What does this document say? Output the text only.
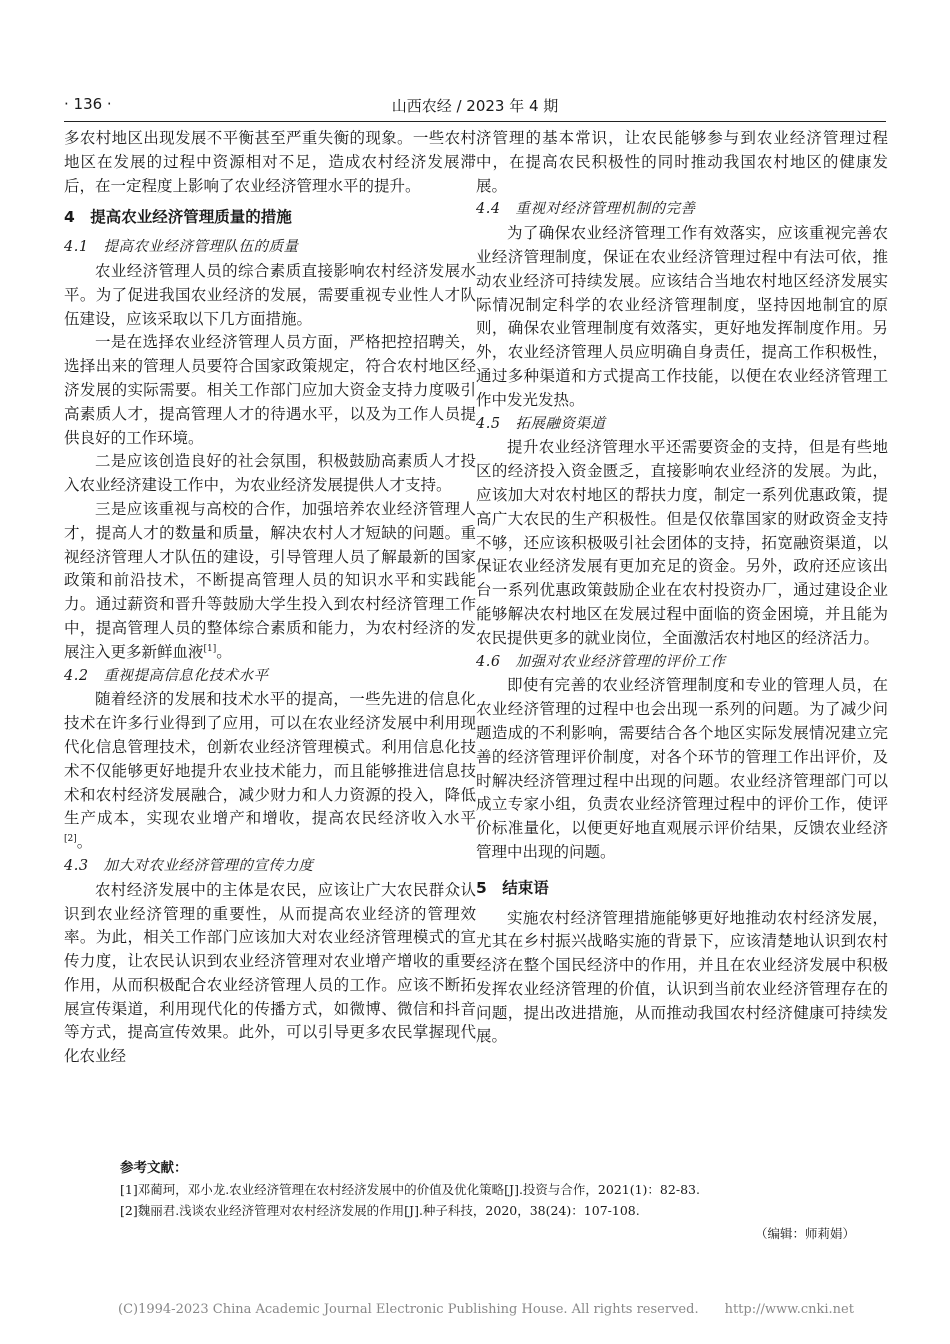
· 136 ·	山西农经 / 2023 年 4 期

多农村地区出现发展不平衡甚至严重失衡的现象。一些农村地区在发展的过程中资源相对不足，造成农村经济发展滞后，在一定程度上影响了农业经济管理水平的提升。

4　提高农业经济管理质量的措施
4.1　提高农业经济管理队伍的质量

农业经济管理人员的综合素质直接影响农村经济发展水平。为了促进我国农业经济的发展，需要重视专业性人才队伍建设，应该采取以下几方面措施。

一是在选择农业经济管理人员方面，严格把控招聘关，选择出来的管理人员要符合国家政策规定，符合农村地区经济发展的实际需要。相关工作部门应加大资金支持力度吸引高素质人才，提高管理人才的待遇水平，以及为工作人员提供良好的工作环境。

二是应该创造良好的社会氛围，积极鼓励高素质人才投入农业经济建设工作中，为农业经济发展提供人才支持。

三是应该重视与高校的合作，加强培养农业经济管理人才，提高人才的数量和质量，解决农村人才短缺的问题。重视经济管理人才队伍的建设，引导管理人员了解最新的国家政策和前沿技术，不断提高管理人员的知识水平和实践能力。通过薪资和晋升等鼓励大学生投入到农村经济管理工作中，提高管理人员的整体综合素质和能力，为农村经济的发展注入更多新鲜血液[1]。

4.2　重视提高信息化技术水平

随着经济的发展和技术水平的提高，一些先进的信息化技术在许多行业得到了应用，可以在农业经济发展中利用现代化信息管理技术，创新农业经济管理模式。利用信息化技术不仅能够更好地提升农业技术能力，而且能够推进信息技术和农村经济发展融合，减少财力和人力资源的投入，降低生产成本，实现农业增产和增收，提高农民经济收入水平[2]。

4.3　加大对农业经济管理的宣传力度

农村经济发展中的主体是农民，应该让广大农民群众认识到农业经济管理的重要性，从而提高农业经济的管理效率。为此，相关工作部门应该加大对农业经济管理模式的宣传力度，让农民认识到农业经济管理对农业增产增收的重要作用，从而积极配合农业经济管理人员的工作。应该不断拓展宣传渠道，利用现代化的传播方式，如微博、微信和抖音等方式，提高宣传效果。此外，可以引导更多农民掌握现代化农业经

济管理的基本常识，让农民能够参与到农业经济管理过程中，在提高农民积极性的同时推动我国农村地区的健康发展。

4.4　重视对经济管理机制的完善

为了确保农业经济管理工作有效落实，应该重视完善农业经济管理制度，保证在农业经济管理过程中有法可依，推动农业经济可持续发展。应该结合当地农村地区经济发展实际情况制定科学的农业经济管理制度，坚持因地制宜的原则，确保农业管理制度有效落实，更好地发挥制度作用。另外，农业经济管理人员应明确自身责任，提高工作积极性，通过多种渠道和方式提高工作技能，以便在农业经济管理工作中发光发热。

4.5　拓展融资渠道

提升农业经济管理水平还需要资金的支持，但是有些地区的经济投入资金匮乏，直接影响农业经济的发展。为此，应该加大对农村地区的帮扶力度，制定一系列优惠政策，提高广大农民的生产积极性。但是仅依靠国家的财政资金支持不够，还应该积极吸引社会团体的支持，拓宽融资渠道，以保证农业经济发展有更加充足的资金。另外，政府还应该出台一系列优惠政策鼓励企业在农村投资办厂，通过建设企业能够解决农村地区在发展过程中面临的资金困境，并且能为农民提供更多的就业岗位，全面激活农村地区的经济活力。

4.6　加强对农业经济管理的评价工作

即使有完善的农业经济管理制度和专业的管理人员，在农业经济管理的过程中也会出现一系列的问题。为了减少问题造成的不利影响，需要结合各个地区实际发展情况建立完善的经济管理评价制度，对各个环节的管理工作出评价，及时解决经济管理过程中出现的问题。农业经济管理部门可以成立专家小组，负责农业经济管理过程中的评价工作，使评价标准量化，以便更好地直观展示评价结果，反馈农业经济管理中出现的问题。

5　结束语

实施农村经济管理措施能够更好地推动农村经济发展，尤其在乡村振兴战略实施的背景下，应该清楚地认识到农村经济在整个国民经济中的作用，并且在农业经济发展中积极发挥农业经济管理的价值，认识到当前农业经济管理存在的问题，提出改进措施，从而推动我国农村经济健康可持续发展。

参考文献：
[1]邓蔺珂，邓小龙.农业经济管理在农村经济发展中的价值及优化策略[J].投资与合作，2021(1)：82-83.
[2]魏丽君.浅谈农业经济管理对农村经济发展的作用[J].种子科技，2020，38(24)：107-108.
（编辑：师莉娟）
(C)1994-2023 China Academic Journal Electronic Publishing House. All rights reserved.　　http://www.cnki.net
